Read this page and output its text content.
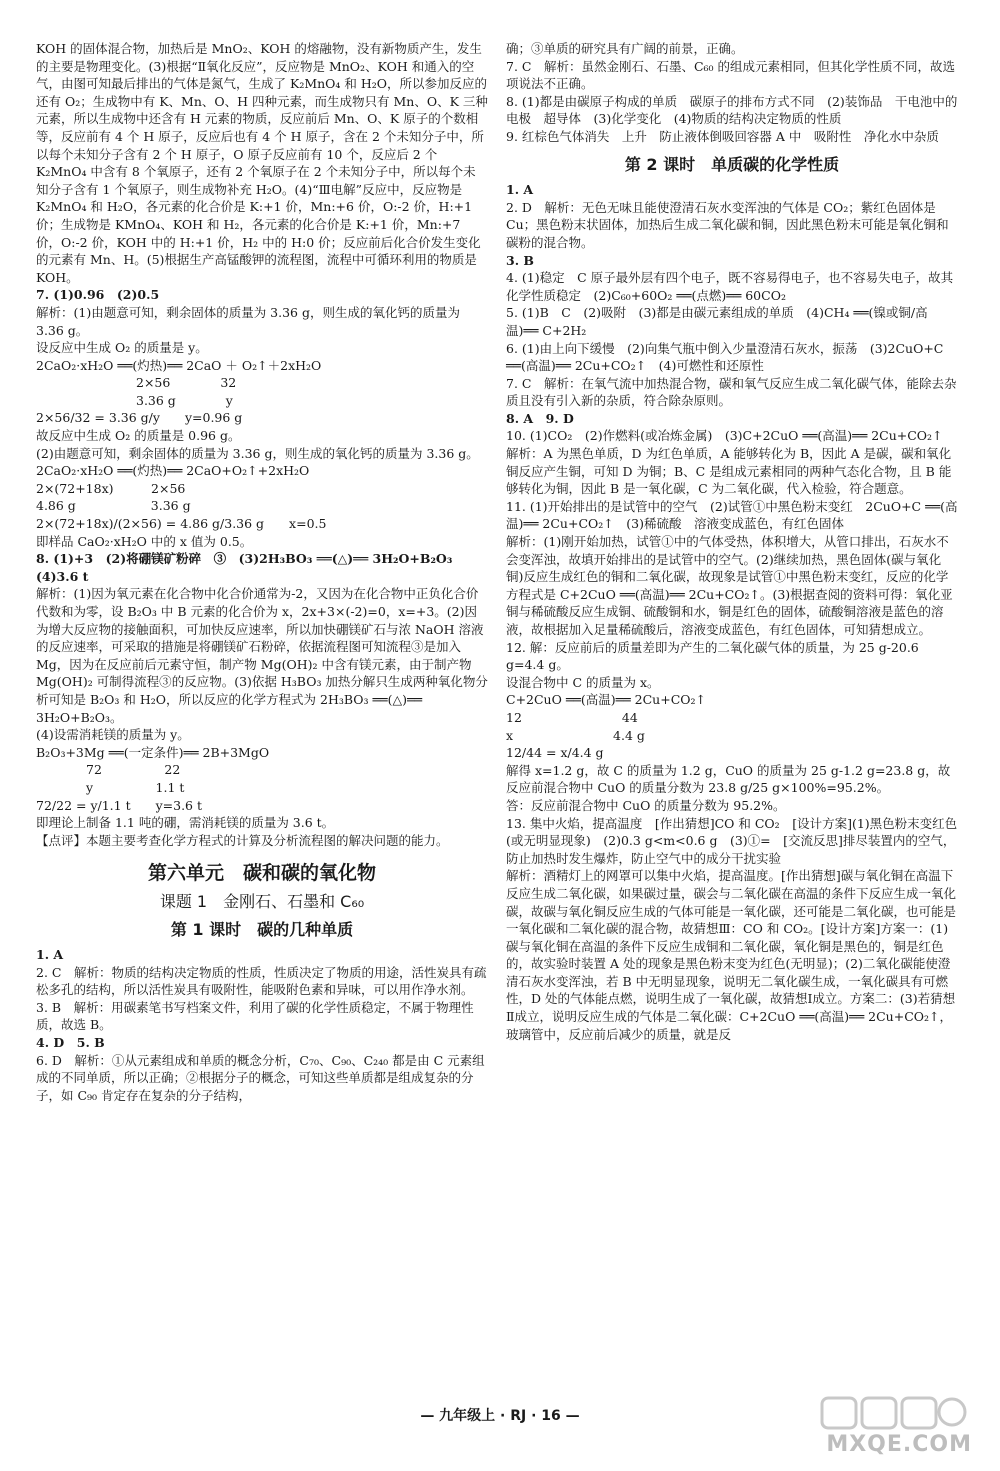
KOH 的固体混合物，加热后是 MnO₂、KOH 的熔融物，没有新物质产生，发生的主要是物理变化。(3)根据“Ⅱ氧化反应”，反应物是 MnO₂、KOH 和通入的空气，由图可知最后排出的气体是氮气，生成了 K₂MnO₄ 和 H₂O，所以参加反应的还有 O₂；生成物中有 K、Mn、O、H 四种元素，而生成物只有 Mn、O、K 三种元素，所以生成物中还含有 H 元素的物质，反应前后 Mn、O、K 原子的个数相等，反应前有 4 个 H 原子，反应后也有 4 个 H 原子，含在 2 个未知分子中，所以每个未知分子含有 2 个 H 原子，O 原子反应前有 10 个，反应后 2 个 K₂MnO₄ 中含有 8 个氧原子，还有 2 个氧原子在 2 个未知分子中，所以每个未知分子含有 1 个氧原子，则生成物补充 H₂O。(4)“Ⅲ电解”反应中，反应物是 K₂MnO₄ 和 H₂O，各元素的化合价是 K:+1 价，Mn:+6 价，O:-2 价，H:+1 价；生成物是 KMnO₄、KOH 和 H₂，各元素的化合价是 K:+1 价，Mn:+7 价，O:-2 价，KOH 中的 H:+1 价，H₂ 中的 H:0 价；反应前后化合价发生变化的元素有 Mn、H。(5)根据生产高锰酸钾的流程图，流程中可循环利用的物质是 KOH。

7. (1)0.96　(2)0.5

解析：(1)由题意可知，剩余固体的质量为 3.36 g，则生成的氧化钙的质量为 3.36 g。

设反应中生成 O₂ 的质量是 y。

2CaO₂·xH₂O ══(灼热)══ 2CaO ＋ O₂↑＋2xH₂O

　　　　　　　　2×56　　　　32

　　　　　　　　3.36 g　　　　y

2×56/32 = 3.36 g/y　　y=0.96 g

故反应中生成 O₂ 的质量是 0.96 g。

(2)由题意可知，剩余固体的质量为 3.36 g，则生成的氧化钙的质量为 3.36 g。

2CaO₂·xH₂O ══(灼热)══ 2CaO+O₂↑+2xH₂O

2×(72+18x)　　　2×56

4.86 g　　　　　　3.36 g

2×(72+18x)/(2×56) = 4.86 g/3.36 g　　x=0.5

即样品 CaO₂·xH₂O 中的 x 值为 0.5。

8. (1)+3　(2)将硼镁矿粉碎　③　(3)2H₃BO₃ ══(△)══ 3H₂O+B₂O₃

(4)3.6 t

解析：(1)因为氧元素在化合物中化合价通常为-2，又因为在化合物中正负化合价代数和为零，设 B₂O₃ 中 B 元素的化合价为 x，2x+3×(-2)=0，x=+3。(2)因为增大反应物的接触面积，可加快反应速率，所以加快硼镁矿石与浓 NaOH 溶液的反应速率，可采取的措施是将硼镁矿石粉碎，依据流程图可知流程③是加入 Mg，因为在反应前后元素守恒，制产物 Mg(OH)₂ 中含有镁元素，由于制产物 Mg(OH)₂ 可制得流程③的反应物。(3)依据 H₃BO₃ 加热分解只生成两种氧化物分析可知是 B₂O₃ 和 H₂O，所以反应的化学方程式为 2H₃BO₃ ══(△)══ 3H₂O+B₂O₃。

(4)设需消耗镁的质量为 y。

B₂O₃+3Mg ══(一定条件)══ 2B+3MgO

　　　　72　　　　　22

　　　　y　　　　　1.1 t

72/22 = y/1.1 t　　y=3.6 t

即理论上制备 1.1 吨的硼，需消耗镁的质量为 3.6 t。

【点评】本题主要考查化学方程式的计算及分析流程图的解决问题的能力。

第六单元　碳和碳的氧化物
课题 1　金刚石、石墨和 C₆₀
第 1 课时　碳的几种单质

1. A

2. C　解析：物质的结构决定物质的性质，性质决定了物质的用途，活性炭具有疏松多孔的结构，所以活性炭具有吸附性，能吸附色素和异味，可以用作净水剂。

3. B　解析：用碳素笔书写档案文件，利用了碳的化学性质稳定，不属于物理性质，故选 B。

4. D　5. B

6. D　解析：①从元素组成和单质的概念分析，C₇₀、C₉₀、C₂₄₀ 都是由 C 元素组成的不同单质，所以正确；②根据分子的概念，可知这些单质都是组成复杂的分子，如 C₉₀ 肯定存在复杂的分子结构，

确；③单质的研究具有广阔的前景，正确。

7. C　解析：虽然金刚石、石墨、C₆₀ 的组成元素相同，但其化学性质不同，故选项说法不正确。

8. (1)都是由碳原子构成的单质　碳原子的排布方式不同　(2)装饰品　干电池中的电极　超导体　(3)化学变化　(4)物质的结构决定物质的性质

9. 红棕色气体消失　上升　防止液体倒吸回容器 A 中　吸附性　净化水中杂质

第 2 课时　单质碳的化学性质

1. A

2. D　解析：无色无味且能使澄清石灰水变浑浊的气体是 CO₂；紫红色固体是 Cu；黑色粉末状固体，加热后生成二氧化碳和铜，因此黑色粉末可能是氧化铜和碳粉的混合物。

3. B

4. (1)稳定　C 原子最外层有四个电子，既不容易得电子，也不容易失电子，故其化学性质稳定　(2)C₆₀+60O₂ ══(点燃)══ 60CO₂

5. (1)B　C　(2)吸附　(3)都是由碳元素组成的单质　(4)CH₄ ══(镍或铜/高温)══ C+2H₂

6. (1)由上向下缓慢　(2)向集气瓶中倒入少量澄清石灰水，振荡　(3)2CuO+C ══(高温)══ 2Cu+CO₂↑　(4)可燃性和还原性

7. C　解析：在氧气流中加热混合物，碳和氧气反应生成二氧化碳气体，能除去杂质且没有引入新的杂质，符合除杂原则。

8. A　9. D

10. (1)CO₂　(2)作燃料(或冶炼金属)　(3)C+2CuO ══(高温)══ 2Cu+CO₂↑

解析：A 为黑色单质，D 为红色单质，A 能够转化为 B，因此 A 是碳，碳和氧化铜反应产生铜，可知 D 为铜；B、C 是组成元素相同的两种气态化合物，且 B 能够转化为铜，因此 B 是一氧化碳，C 为二氧化碳，代入检验，符合题意。

11. (1)开始排出的是试管中的空气　(2)试管①中黑色粉末变红　2CuO+C ══(高温)══ 2Cu+CO₂↑　(3)稀硫酸　溶液变成蓝色，有红色固体

解析：(1)刚开始加热，试管①中的气体受热，体积增大，从管口排出，石灰水不会变浑浊，故填开始排出的是试管中的空气。(2)继续加热，黑色固体(碳与氧化铜)反应生成红色的铜和二氧化碳，故现象是试管①中黑色粉末变红，反应的化学方程式是 C+2CuO ══(高温)══ 2Cu+CO₂↑。(3)根据查阅的资料可得：氧化亚铜与稀硫酸反应生成铜、硫酸铜和水，铜是红色的固体，硫酸铜溶液是蓝色的溶液，故根据加入足量稀硫酸后，溶液变成蓝色，有红色固体，可知猜想成立。

12. 解：反应前后的质量差即为产生的二氧化碳气体的质量，为 25 g-20.6 g=4.4 g。

设混合物中 C 的质量为 x。

C+2CuO ══(高温)══ 2Cu+CO₂↑

12　　　　　　　　44

x　　　　　　　　4.4 g

12/44 = x/4.4 g

解得 x=1.2 g，故 C 的质量为 1.2 g，CuO 的质量为 25 g-1.2 g=23.8 g，故反应前混合物中 CuO 的质量分数为 23.8 g/25 g×100%=95.2%。

答：反应前混合物中 CuO 的质量分数为 95.2%。

13. 集中火焰，提高温度　[作出猜想]CO 和 CO₂　[设计方案](1)黑色粉末变红色(或无明显现象)　(2)0.3 g<m<0.6 g　(3)①=　[交流反思]排尽装置内的空气，防止加热时发生爆炸，防止空气中的成分干扰实验

解析：酒精灯上的网罩可以集中火焰，提高温度。[作出猜想]碳与氧化铜在高温下反应生成二氧化碳，如果碳过量，碳会与二氧化碳在高温的条件下反应生成一氧化碳，故碳与氧化铜反应生成的气体可能是一氧化碳，还可能是二氧化碳，也可能是一氧化碳和二氧化碳的混合物，故猜想Ⅲ：CO 和 CO₂。[设计方案]方案一：(1)碳与氧化铜在高温的条件下反应生成铜和二氧化碳，氧化铜是黑色的，铜是红色的，故实验时装置 A 处的现象是黑色粉末变为红色(无明显)；(2)二氧化碳能使澄清石灰水变浑浊，若 B 中无明显现象，说明无二氧化碳生成，一氧化碳具有可燃性，D 处的气体能点燃，说明生成了一氧化碳，故猜想Ⅰ成立。方案二：(3)若猜想Ⅱ成立，说明反应生成的气体是二氧化碳：C+2CuO ══(高温)══ 2Cu+CO₂↑，玻璃管中，反应前后减少的质量，就是反

— 九年级上 · RJ · 16 —
MXQE.COM
